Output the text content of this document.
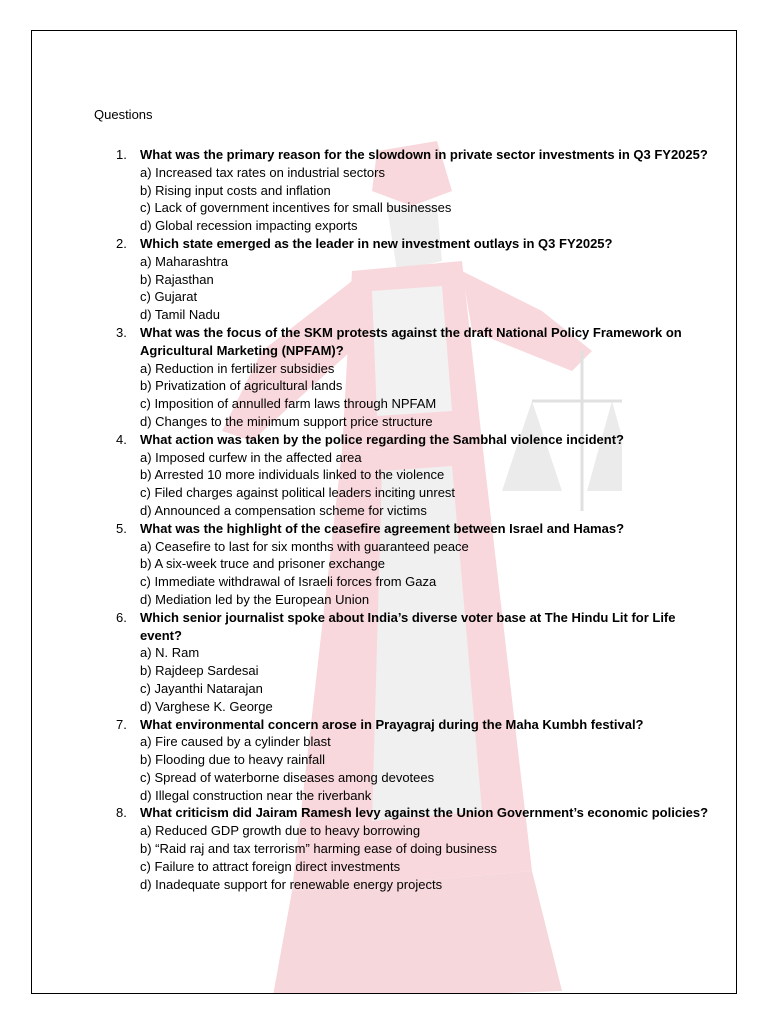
Questions
1. What was the primary reason for the slowdown in private sector investments in Q3 FY2025?
a) Increased tax rates on industrial sectors
b) Rising input costs and inflation
c) Lack of government incentives for small businesses
d) Global recession impacting exports
2. Which state emerged as the leader in new investment outlays in Q3 FY2025?
a) Maharashtra
b) Rajasthan
c) Gujarat
d) Tamil Nadu
3. What was the focus of the SKM protests against the draft National Policy Framework on Agricultural Marketing (NPFAM)?
a) Reduction in fertilizer subsidies
b) Privatization of agricultural lands
c) Imposition of annulled farm laws through NPFAM
d) Changes to the minimum support price structure
4. What action was taken by the police regarding the Sambhal violence incident?
a) Imposed curfew in the affected area
b) Arrested 10 more individuals linked to the violence
c) Filed charges against political leaders inciting unrest
d) Announced a compensation scheme for victims
5. What was the highlight of the ceasefire agreement between Israel and Hamas?
a) Ceasefire to last for six months with guaranteed peace
b) A six-week truce and prisoner exchange
c) Immediate withdrawal of Israeli forces from Gaza
d) Mediation led by the European Union
6. Which senior journalist spoke about India’s diverse voter base at The Hindu Lit for Life event?
a) N. Ram
b) Rajdeep Sardesai
c) Jayanthi Natarajan
d) Varghese K. George
7. What environmental concern arose in Prayagraj during the Maha Kumbh festival?
a) Fire caused by a cylinder blast
b) Flooding due to heavy rainfall
c) Spread of waterborne diseases among devotees
d) Illegal construction near the riverbank
8. What criticism did Jairam Ramesh levy against the Union Government’s economic policies?
a) Reduced GDP growth due to heavy borrowing
b) “Raid raj and tax terrorism” harming ease of doing business
c) Failure to attract foreign direct investments
d) Inadequate support for renewable energy projects
